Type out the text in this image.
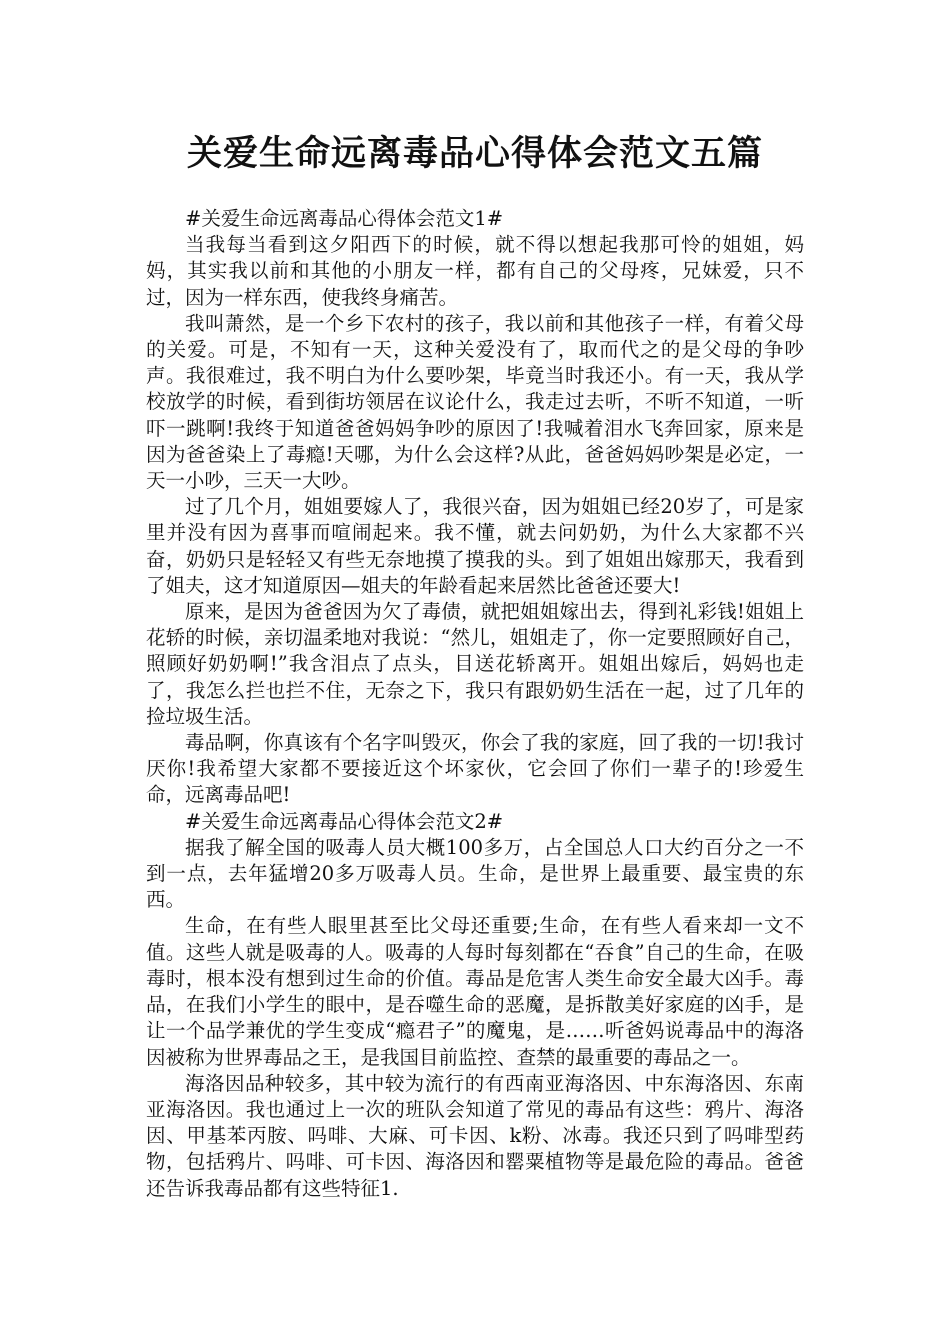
关爱生命远离毒品心得体会范文五篇

#关爱生命远离毒品心得体会范文1#

当我每当看到这夕阳西下的时候，就不得以想起我那可怜的姐姐，妈妈，其实我以前和其他的小朋友一样，都有自己的父母疼，兄妹爱，只不过，因为一样东西，使我终身痛苦。

我叫萧然，是一个乡下农村的孩子，我以前和其他孩子一样，有着父母的关爱。可是，不知有一天，这种关爱没有了，取而代之的是父母的争吵声。我很难过，我不明白为什么要吵架，毕竟当时我还小。有一天，我从学校放学的时候，看到街坊领居在议论什么，我走过去听，不听不知道，一听吓一跳啊!我终于知道爸爸妈妈争吵的原因了!我喊着泪水飞奔回家，原来是因为爸爸染上了毒瘾!天哪，为什么会这样?从此，爸爸妈妈吵架是必定，一天一小吵，三天一大吵。

过了几个月，姐姐要嫁人了，我很兴奋，因为姐姐已经20岁了，可是家里并没有因为喜事而喧闹起来。我不懂，就去问奶奶，为什么大家都不兴奋，奶奶只是轻轻又有些无奈地摸了摸我的头。到了姐姐出嫁那天，我看到了姐夫，这才知道原因—姐夫的年龄看起来居然比爸爸还要大!

原来，是因为爸爸因为欠了毒债，就把姐姐嫁出去，得到礼彩钱!姐姐上花轿的时候，亲切温柔地对我说：“然儿，姐姐走了，你一定要照顾好自己，照顾好奶奶啊!”我含泪点了点头，目送花轿离开。姐姐出嫁后，妈妈也走了，我怎么拦也拦不住，无奈之下，我只有跟奶奶生活在一起，过了几年的捡垃圾生活。

毒品啊，你真该有个名字叫毁灭，你会了我的家庭，回了我的一切!我讨厌你!我希望大家都不要接近这个坏家伙，它会回了你们一辈子的!珍爱生命，远离毒品吧!

#关爱生命远离毒品心得体会范文2#

据我了解全国的吸毒人员大概100多万，占全国总人口大约百分之一不到一点，去年猛增20多万吸毒人员。生命，是世界上最重要、最宝贵的东西。

生命，在有些人眼里甚至比父母还重要;生命，在有些人看来却一文不值。这些人就是吸毒的人。吸毒的人每时每刻都在“吞食”自己的生命，在吸毒时，根本没有想到过生命的价值。毒品是危害人类生命安全最大凶手。毒品，在我们小学生的眼中，是吞噬生命的恶魔，是拆散美好家庭的凶手，是让一个品学兼优的学生变成“瘾君子”的魔鬼，是……听爸妈说毒品中的海洛因被称为世界毒品之王，是我国目前监控、查禁的最重要的毒品之一。

海洛因品种较多，其中较为流行的有西南亚海洛因、中东海洛因、东南亚海洛因。我也通过上一次的班队会知道了常见的毒品有这些：鸦片、海洛因、甲基苯丙胺、吗啡、大麻、可卡因、k粉、冰毒。我还只到了吗啡型药物，包括鸦片、吗啡、可卡因、海洛因和罂粟植物等是最危险的毒品。爸爸还告诉我毒品都有这些特征1.
